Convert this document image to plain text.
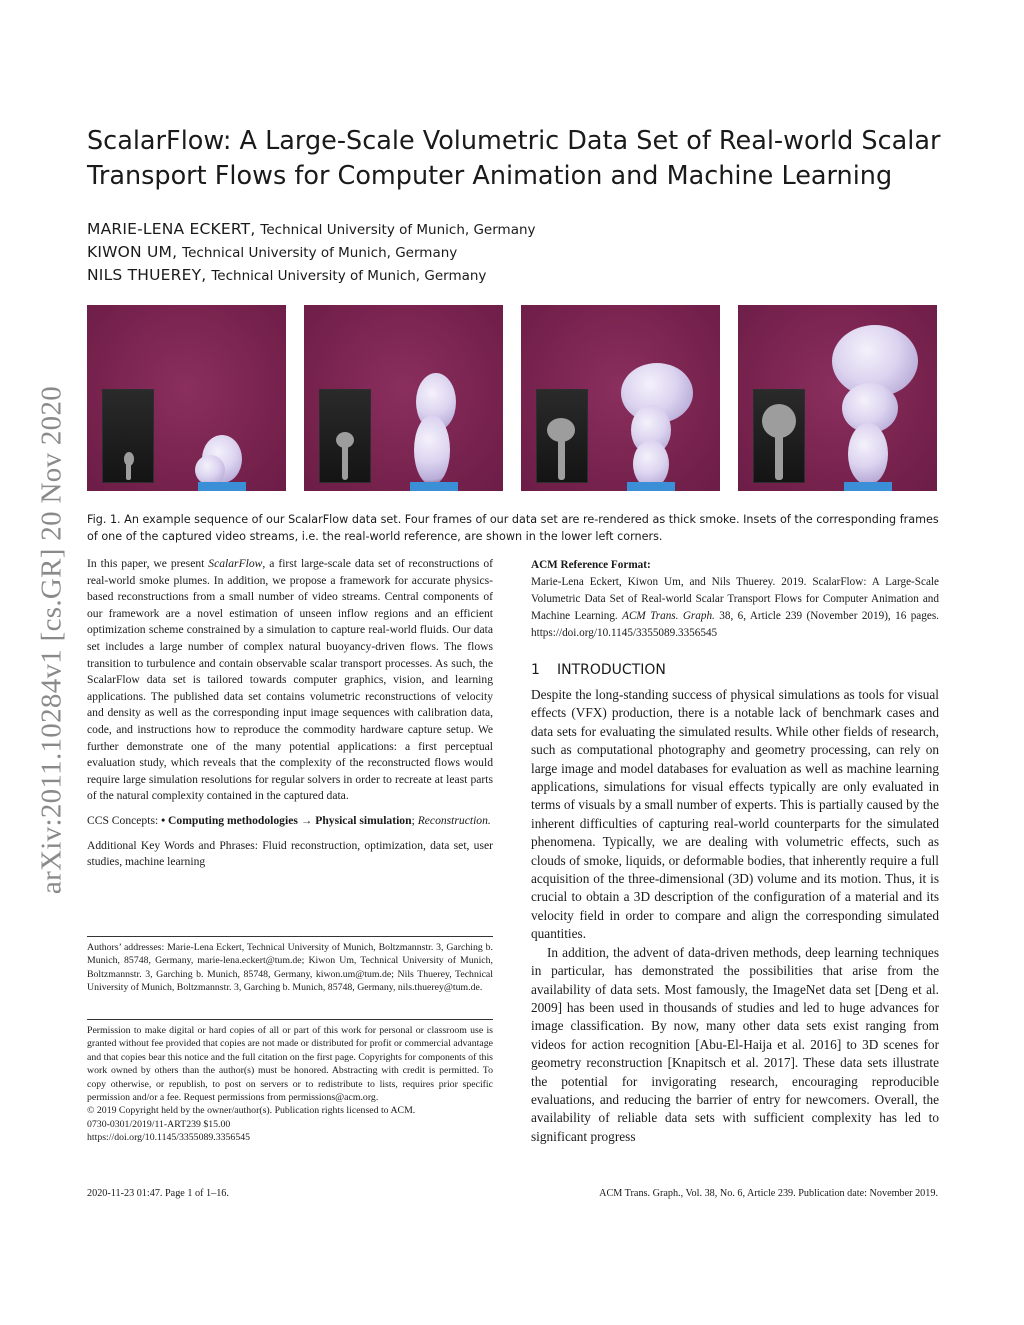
arXiv:2011.10284v1 [cs.GR] 20 Nov 2020
ScalarFlow: A Large-Scale Volumetric Data Set of Real-world Scalar Transport Flows for Computer Animation and Machine Learning
MARIE-LENA ECKERT, Technical University of Munich, Germany
KIWON UM, Technical University of Munich, Germany
NILS THUEREY, Technical University of Munich, Germany
Fig. 1. An example sequence of our ScalarFlow data set. Four frames of our data set are re-rendered as thick smoke. Insets of the corresponding frames of one of the captured video streams, i.e. the real-world reference, are shown in the lower left corners.
In this paper, we present ScalarFlow, a first large-scale data set of reconstructions of real-world smoke plumes. In addition, we propose a framework for accurate physics-based reconstructions from a small number of video streams. Central components of our framework are a novel estimation of unseen inflow regions and an efficient optimization scheme constrained by a simulation to capture real-world fluids. Our data set includes a large number of complex natural buoyancy-driven flows. The flows transition to turbulence and contain observable scalar transport processes. As such, the ScalarFlow data set is tailored towards computer graphics, vision, and learning applications. The published data set contains volumetric reconstructions of velocity and density as well as the corresponding input image sequences with calibration data, code, and instructions how to reproduce the commodity hardware capture setup. We further demonstrate one of the many potential applications: a first perceptual evaluation study, which reveals that the complexity of the reconstructed flows would require large simulation resolutions for regular solvers in order to recreate at least parts of the natural complexity contained in the captured data.
CCS Concepts: • Computing methodologies → Physical simulation; Reconstruction.
Additional Key Words and Phrases: Fluid reconstruction, optimization, data set, user studies, machine learning
Authors’ addresses: Marie-Lena Eckert, Technical University of Munich, Boltzmannstr. 3, Garching b. Munich, 85748, Germany, marie-lena.eckert@tum.de; Kiwon Um, Technical University of Munich, Boltzmannstr. 3, Garching b. Munich, 85748, Germany, kiwon.um@tum.de; Nils Thuerey, Technical University of Munich, Boltzmannstr. 3, Garching b. Munich, 85748, Germany, nils.thuerey@tum.de.
Permission to make digital or hard copies of all or part of this work for personal or classroom use is granted without fee provided that copies are not made or distributed for profit or commercial advantage and that copies bear this notice and the full citation on the first page. Copyrights for components of this work owned by others than the author(s) must be honored. Abstracting with credit is permitted. To copy otherwise, or republish, to post on servers or to redistribute to lists, requires prior specific permission and/or a fee. Request permissions from permissions@acm.org.
© 2019 Copyright held by the owner/author(s). Publication rights licensed to ACM.
0730-0301/2019/11-ART239 $15.00
https://doi.org/10.1145/3355089.3356545
ACM Reference Format:
Marie-Lena Eckert, Kiwon Um, and Nils Thuerey. 2019. ScalarFlow: A Large-Scale Volumetric Data Set of Real-world Scalar Transport Flows for Computer Animation and Machine Learning. ACM Trans. Graph. 38, 6, Article 239 (November 2019), 16 pages. https://doi.org/10.1145/3355089.3356545
1 INTRODUCTION

Despite the long-standing success of physical simulations as tools for visual effects (VFX) production, there is a notable lack of benchmark cases and data sets for evaluating the simulated results. While other fields of research, such as computational photography and geometry processing, can rely on large image and model databases for evaluation as well as machine learning applications, simulations for visual effects typically are only evaluated in terms of visuals by a small number of experts. This is partially caused by the inherent difficulties of capturing real-world counterparts for the simulated phenomena. Typically, we are dealing with volumetric effects, such as clouds of smoke, liquids, or deformable bodies, that inherently require a full acquisition of the three-dimensional (3D) volume and its motion. Thus, it is crucial to obtain a 3D description of the configuration of a material and its velocity field in order to compare and align the corresponding simulated quantities.

In addition, the advent of data-driven methods, deep learning techniques in particular, has demonstrated the possibilities that arise from the availability of data sets. Most famously, the ImageNet data set [Deng et al. 2009] has been used in thousands of studies and led to huge advances for image classification. By now, many other data sets exist ranging from videos for action recognition [Abu-El-Haija et al. 2016] to 3D scenes for geometry reconstruction [Knapitsch et al. 2017]. These data sets illustrate the potential for invigorating research, encouraging reproducible evaluations, and reducing the barrier of entry for newcomers. Overall, the availability of reliable data sets with sufficient complexity has led to significant progress

2020-11-23 01:47. Page 1 of 1–16.	ACM Trans. Graph., Vol. 38, No. 6, Article 239. Publication date: November 2019.
